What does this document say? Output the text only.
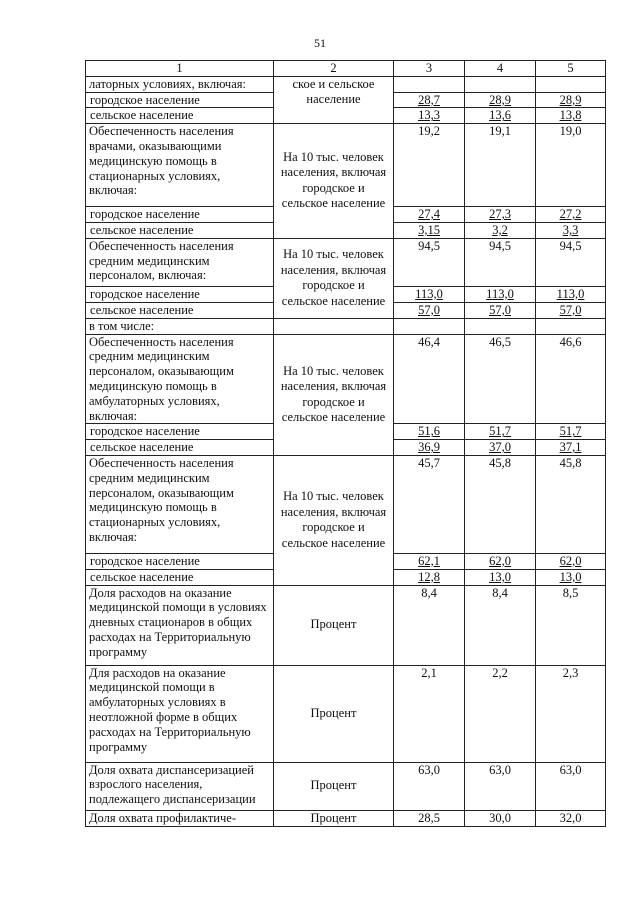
51
1	2	3	4	5
латорных условиях, включая:	ское и сельское население			
городское население		28,7	28,9	28,9
сельское население		13,3	13,6	13,8
Обеспеченность населения врачами, оказывающими медицинскую помощь в стационарных условиях, включая:	На 10 тыс. человек населения, включая городское и сельское население	19,2	19,1	19,0
городское население		27,4	27,3	27,2
сельское население		3,15	3,2	3,3
Обеспеченность населения средним медицинским персоналом, включая:	На 10 тыс. человек населения, включая городское и сельское население	94,5	94,5	94,5
городское население		113,0	113,0	113,0
сельское население		57,0	57,0	57,0
в том числе:				
Обеспеченность населения средним медицинским персоналом, оказывающим медицинскую помощь в амбулаторных условиях, включая:	На 10 тыс. человек населения, включая городское и сельское население	46,4	46,5	46,6
городское население		51,6	51,7	51,7
сельское население		36,9	37,0	37,1
Обеспеченность населения средним медицинским персоналом, оказывающим медицинскую помощь в стационарных условиях, включая:	На 10 тыс. человек населения, включая городское и сельское население	45,7	45,8	45,8
городское население		62,1	62,0	62,0
сельское население		12,8	13,0	13,0
Доля расходов на оказание медицинской помощи в условиях дневных стационаров в общих расходах на Территориальную программу	Процент	8,4	8,4	8,5
Для расходов на оказание медицинской помощи в амбулаторных условиях в неотложной форме в общих расходах на Территориальную программу	Процент	2,1	2,2	2,3
Доля охвата диспансеризацией взрослого населения, подлежащего диспансеризации	Процент	63,0	63,0	63,0
Доля охвата профилактиче-	Процент	28,5	30,0	32,0
